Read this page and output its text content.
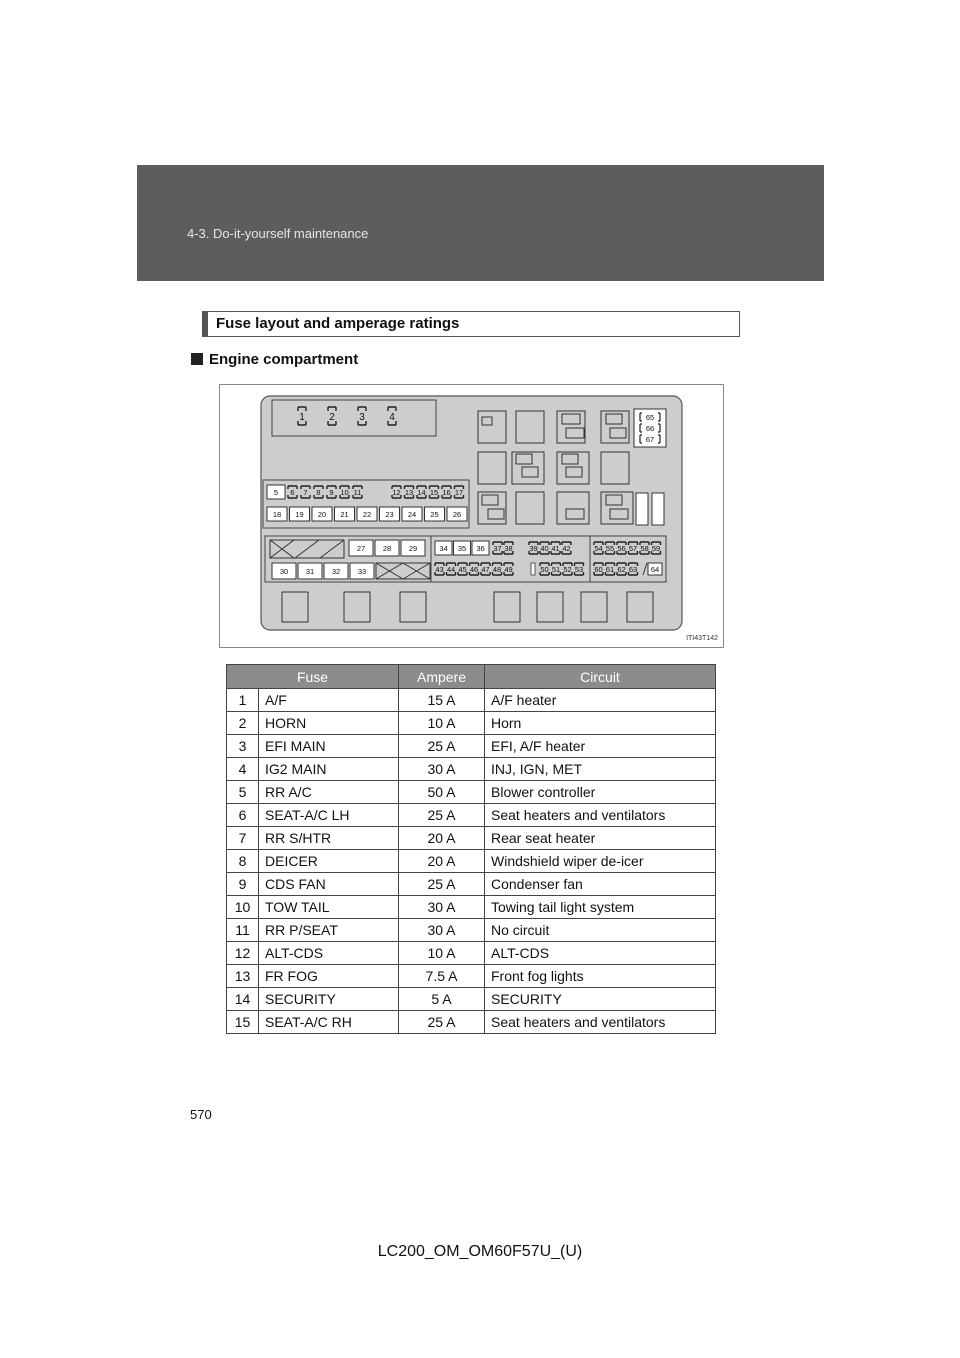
4-3. Do-it-yourself maintenance
Fuse layout and amperage ratings
Engine compartment
1 2 3 4	65
66
67
5 6 7 8 9 10 11	12 13 14 15 16 17
18 19 20 21 22 23 24 25 26
27 28 29
30 31 32 33
34 35 36 37 38 39 40 41 42
43 44 45 46 47 48 49	50 51 52 53
54 55 56 57 58 59
60 61 62 63 64
ITI43T142
Fuse		Ampere	Circuit
1	A/F	15 A	A/F heater
2	HORN	10 A	Horn
3	EFI MAIN	25 A	EFI, A/F heater
4	IG2 MAIN	30 A	INJ, IGN, MET
5	RR A/C	50 A	Blower controller
6	SEAT-A/C LH	25 A	Seat heaters and ventilators
7	RR S/HTR	20 A	Rear seat heater
8	DEICER	20 A	Windshield wiper de-icer
9	CDS FAN	25 A	Condenser fan
10	TOW TAIL	30 A	Towing tail light system
11	RR P/SEAT	30 A	No circuit
12	ALT-CDS	10 A	ALT-CDS
13	FR FOG	7.5 A	Front fog lights
14	SECURITY	5 A	SECURITY
15	SEAT-A/C RH	25 A	Seat heaters and ventilators
570
LC200_OM_OM60F57U_(U)
